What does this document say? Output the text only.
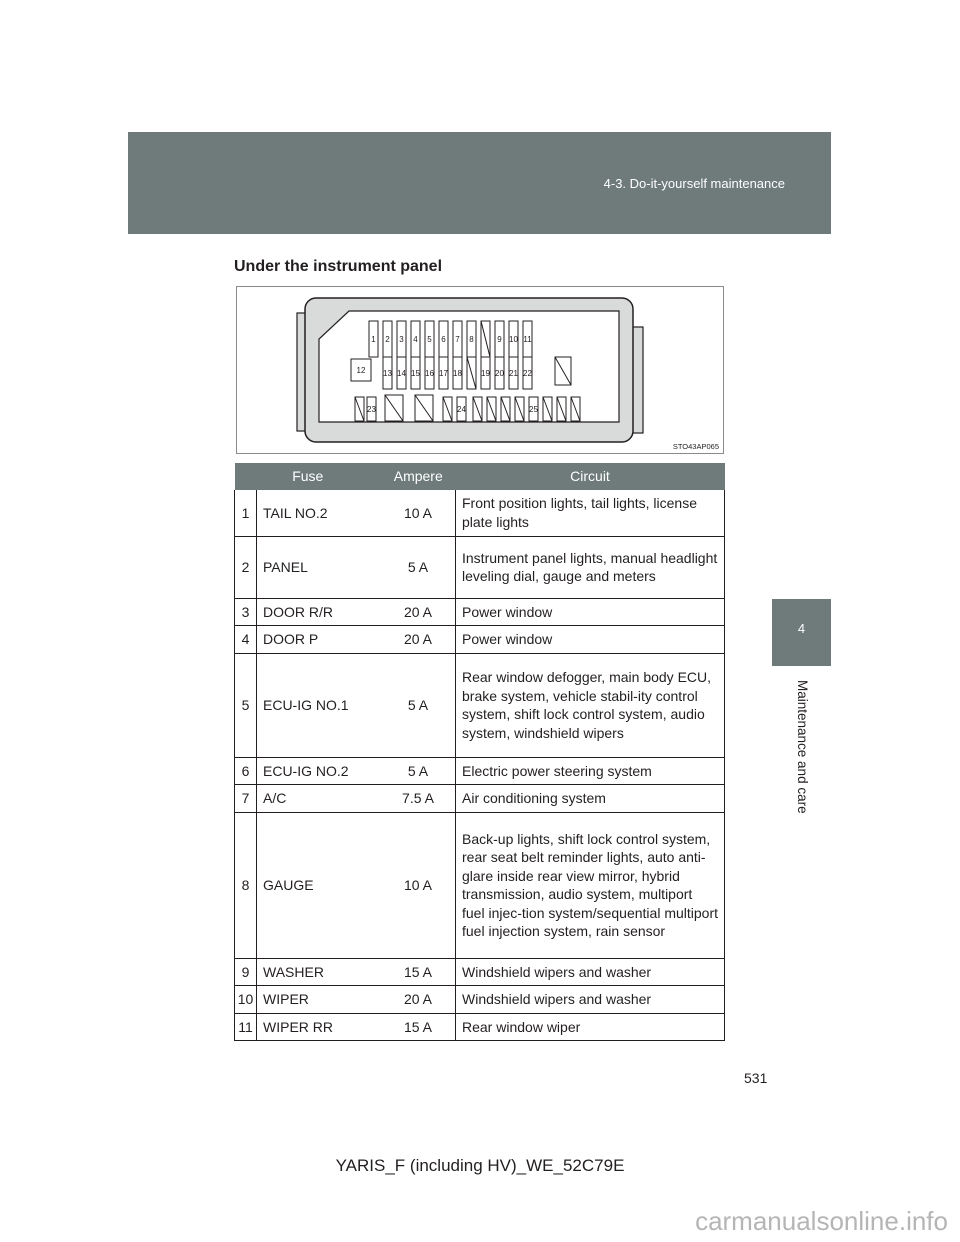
4-3. Do-it-yourself maintenance
4
Maintenance and care
Under the instrument panel
1 2 3 4 5 6 7 8	9 10 11
12 13 14 15 16 17 18 19 20 21 22
23	24	25
STO43AP065
Fuse		Ampere	Circuit
1	TAIL NO.2	10 A	Front position lights, tail lights, license plate lights
2	PANEL	5 A	Instrument panel lights, manual headlight leveling dial, gauge and meters
3	DOOR R/R	20 A	Power window
4	DOOR P	20 A	Power window
5	ECU-IG NO.1	5 A	Rear window defogger, main body ECU, brake system, vehicle stabil-ity control system, shift lock control system, audio system, windshield wipers
6	ECU-IG NO.2	5 A	Electric power steering system
7	A/C	7.5 A	Air conditioning system
8	GAUGE	10 A	Back-up lights, shift lock control system, rear seat belt reminder lights, auto anti-glare inside rear view mirror, hybrid transmission, audio system, multiport fuel injec-tion system/sequential multiport fuel injection system, rain sensor
9	WASHER	15 A	Windshield wipers and washer
10	WIPER	20 A	Windshield wipers and washer
11	WIPER RR	15 A	Rear window wiper
531
YARIS_F (including HV)_WE_52C79E
carmanualsonline.info
